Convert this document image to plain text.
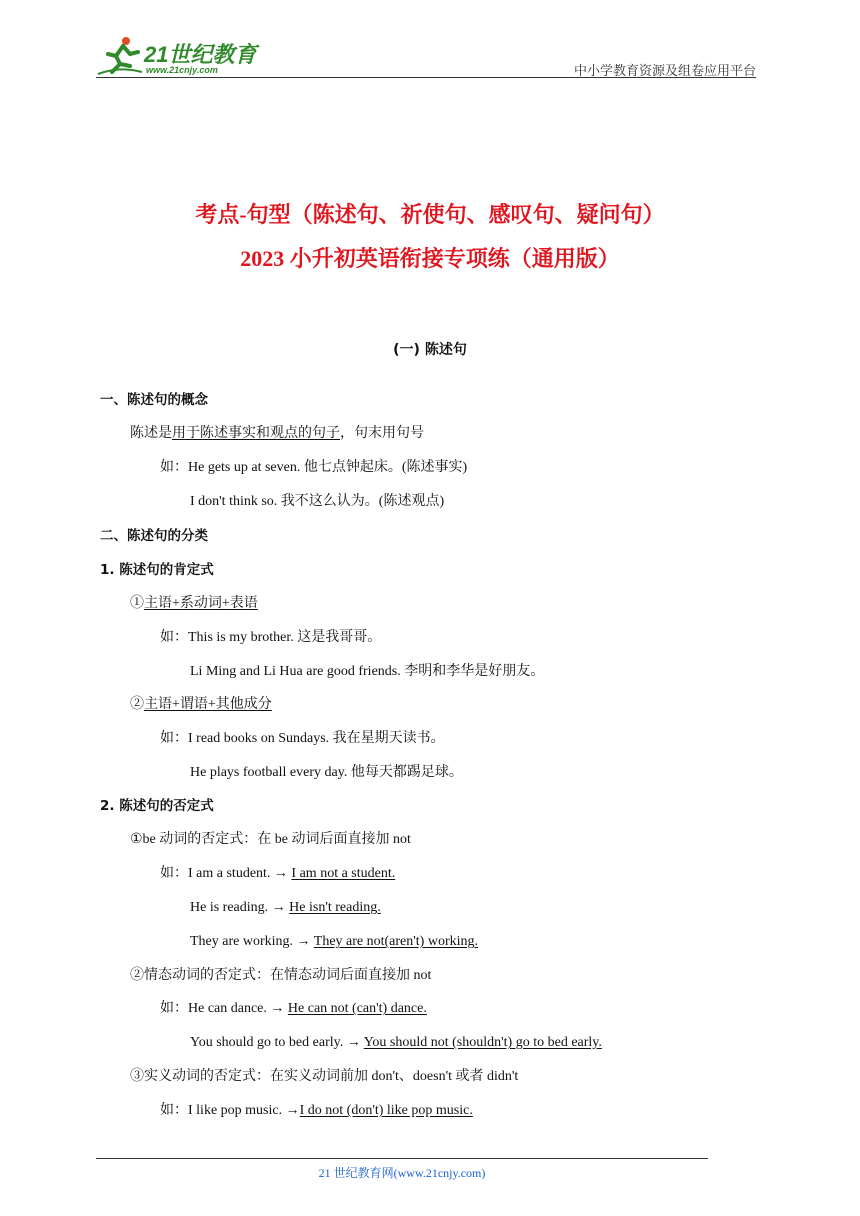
21世纪教育
www.21cnjy.com	中小学教育资源及组卷应用平台
考点-句型（陈述句、祈使句、感叹句、疑问句）
2023 小升初英语衔接专项练（通用版）
(一) 陈述句
一、陈述句的概念
陈述是用于陈述事实和观点的句子，句末用句号
如：He gets up at seven. 他七点钟起床。(陈述事实)
I don't think so. 我不这么认为。(陈述观点)
二、陈述句的分类
1. 陈述句的肯定式
①主语+系动词+表语
如：This is my brother. 这是我哥哥。
Li Ming and Li Hua are good friends. 李明和李华是好朋友。
②主语+谓语+其他成分
如：I read books on Sundays. 我在星期天读书。
He plays football every day. 他每天都踢足球。
2. 陈述句的否定式
①be 动词的否定式：在 be 动词后面直接加 not
如：I am a student. → I am not a student.
He is reading. → He isn't reading.
They are working. → They are not(aren't) working.
②情态动词的否定式：在情态动词后面直接加 not
如：He can dance. → He can not (can't) dance.
You should go to bed early. → You should not (shouldn't) go to bed early.
③实义动词的否定式：在实义动词前加 don't、doesn't 或者 didn't
如：I like pop music. →I do not (don't) like pop music.
21 世纪教育网(www.21cnjy.com)
